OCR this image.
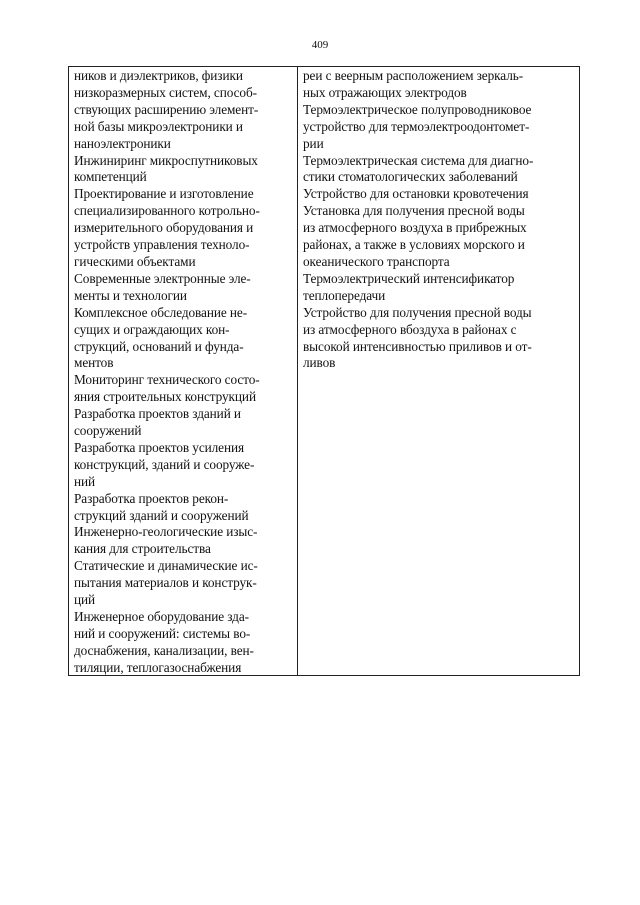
409
ников и диэлектриков, физики
низкоразмерных систем, способ-
ствующих расширению элемент-
ной базы микроэлектроники и
наноэлектроники
Инжиниринг микроспутниковых
компетенций
Проектирование и изготовление
специализированного котрольно-
измерительного оборудования и
устройств управления техноло-
гическими объектами
Современные электронные эле-
менты и технологии
Комплексное обследование не-
сущих и ограждающих кон-
струкций, оснований и фунда-
ментов
Мониторинг технического состо-
яния строительных конструкций
Разработка проектов зданий и
сооружений
Разработка проектов усиления
конструкций, зданий и сооруже-
ний
Разработка проектов рекон-
струкций зданий и сооружений
Инженерно-геологические изыс-
кания для строительства
Статические и динамические ис-
пытания материалов и конструк-
ций
Инженерное оборудование зда-
ний и сооружений: системы во-
доснабжения, канализации, вен-
тиляции, теплогазоснабжения
реи с веерным расположением зеркаль-
ных отражающих электродов
Термоэлектрическое полупроводниковое
устройство для термоэлектроодонтомет-
рии
Термоэлектрическая система для диагно-
стики стоматологических заболеваний
Устройство для остановки кровотечения
Установка для получения пресной воды
из атмосферного воздуха в прибрежных
районах, а также в условиях морского и
океанического транспорта
Термоэлектрический интенсификатор
теплопередачи
Устройство для получения пресной воды
из атмосферного вбоздуха в районах с
высокой интенсивностью приливов и от-
ливов
